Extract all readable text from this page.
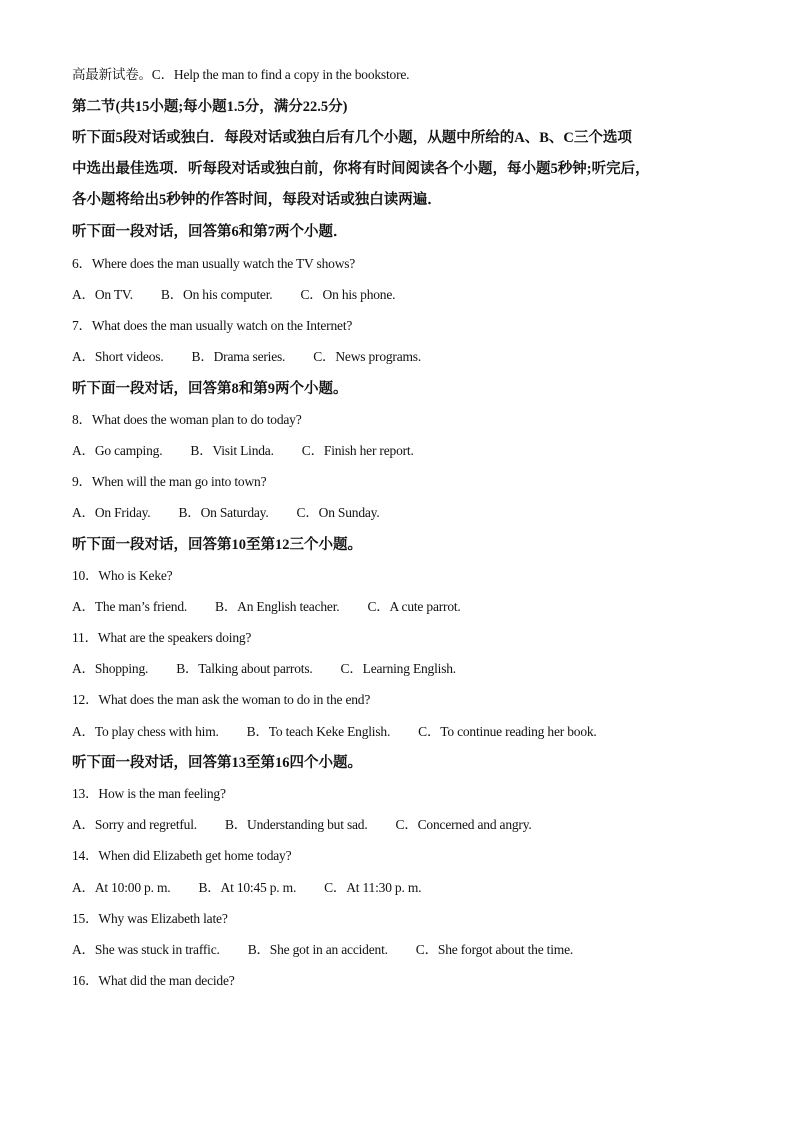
高最新试卷。C．Help the man to find a copy in the bookstore.
第二节(共15小题;每小题1.5分，满分22.5分)
听下面5段对话或独白．每段对话或独白后有几个小题，从题中所给的A、B、C三个选项
中选出最佳选项．听每段对话或独白前，你将有时间阅读各个小题，每小题5秒钟;听完后，
各小题将给出5秒钟的作答时间，每段对话或独白读两遍．
听下面一段对话，回答第6和第7两个小题．
6．Where does the man usually watch the TV shows?
A．On TV. B．On his computer. C．On his phone.
7．What does the man usually watch on the Internet?
A．Short videos. B．Drama series. C．News programs.
听下面一段对话，回答第8和第9两个小题。
8．What does the woman plan to do today?
A．Go camping. B．Visit Linda. C．Finish her report.
9．When will the man go into town?
A．On Friday. B．On Saturday. C．On Sunday.
听下面一段对话，回答第10至第12三个小题。
10．Who is Keke?
A．The man’s friend. B．An English teacher. C．A cute parrot.
11．What are the speakers doing?
A．Shopping. B．Talking about parrots. C．Learning English.
12．What does the man ask the woman to do in the end?
A．To play chess with him. B．To teach Keke English. C．To continue reading her book.
听下面一段对话，回答第13至第16四个小题。
13．How is the man feeling?
A．Sorry and regretful. B．Understanding but sad. C．Concerned and angry.
14．When did Elizabeth get home today?
A．At 10:00 p. m. B．At 10:45 p. m. C．At 11:30 p. m.
15．Why was Elizabeth late?
A．She was stuck in traffic. B．She got in an accident. C．She forgot about the time.
16．What did the man decide?
